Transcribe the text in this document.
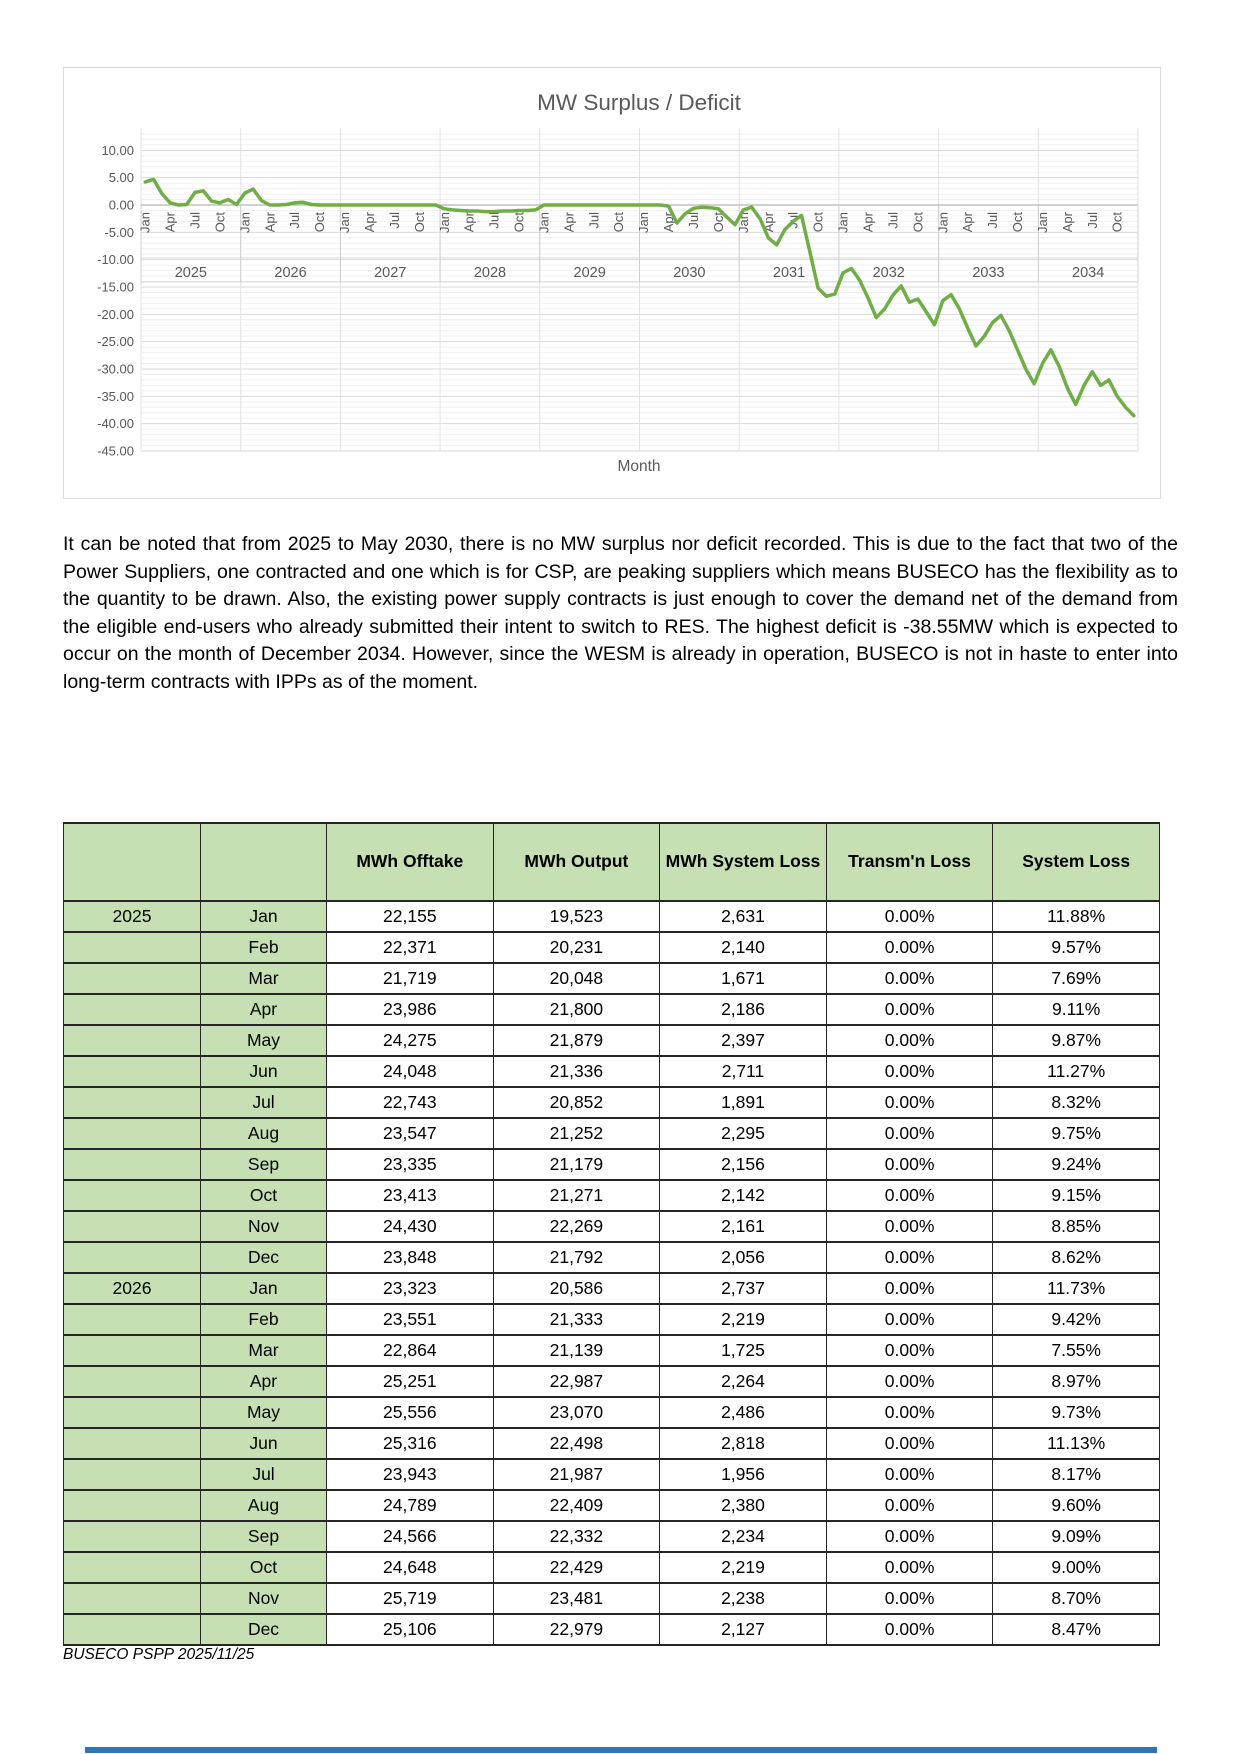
10.00
5.00
0.00
-5.00
-10.00
-15.00
-20.00
-25.00
-30.00
-35.00
-40.00
-45.00
Jan Apr Jul Oct
2025
Jan Apr Jul Oct
2026
Jan Apr Jul Oct
2027
Jan Apr Jul Oct
2028
Jan Apr Jul Oct
2029
Jan Apr Jul Oct
2030
Jan Apr Jul Oct
2031
Jan Apr Jul Oct
2032
Jan Apr Jul Oct
2033
Jan Apr Jul Oct
2034
MW Surplus / Deficit
Month
It can be noted that from 2025 to May 2030, there is no MW surplus nor deficit recorded. This is due to the fact that two of the Power Suppliers, one contracted and one which is for CSP, are peaking suppliers which means BUSECO has the flexibility as to the quantity to be drawn. Also, the existing power supply contracts is just enough to cover the demand net of the demand from the eligible end-users who already submitted their intent to switch to RES. The highest deficit is -38.55MW which is expected to occur on the month of December 2034. However, since the WESM is already in operation, BUSECO is not in haste to enter into long-term contracts with IPPs as of the moment.
		MWh Offtake	MWh Output	MWh System Loss	Transm'n Loss	System Loss
2025	Jan	22,155	19,523	2,631	0.00%	11.88%
	Feb	22,371	20,231	2,140	0.00%	9.57%
	Mar	21,719	20,048	1,671	0.00%	7.69%
	Apr	23,986	21,800	2,186	0.00%	9.11%
	May	24,275	21,879	2,397	0.00%	9.87%
	Jun	24,048	21,336	2,711	0.00%	11.27%
	Jul	22,743	20,852	1,891	0.00%	8.32%
	Aug	23,547	21,252	2,295	0.00%	9.75%
	Sep	23,335	21,179	2,156	0.00%	9.24%
	Oct	23,413	21,271	2,142	0.00%	9.15%
	Nov	24,430	22,269	2,161	0.00%	8.85%
	Dec	23,848	21,792	2,056	0.00%	8.62%
2026	Jan	23,323	20,586	2,737	0.00%	11.73%
	Feb	23,551	21,333	2,219	0.00%	9.42%
	Mar	22,864	21,139	1,725	0.00%	7.55%
	Apr	25,251	22,987	2,264	0.00%	8.97%
	May	25,556	23,070	2,486	0.00%	9.73%
	Jun	25,316	22,498	2,818	0.00%	11.13%
	Jul	23,943	21,987	1,956	0.00%	8.17%
	Aug	24,789	22,409	2,380	0.00%	9.60%
	Sep	24,566	22,332	2,234	0.00%	9.09%
	Oct	24,648	22,429	2,219	0.00%	9.00%
	Nov	25,719	23,481	2,238	0.00%	8.70%
	Dec	25,106	22,979	2,127	0.00%	8.47%
BUSECO PSPP 2025/11/25
